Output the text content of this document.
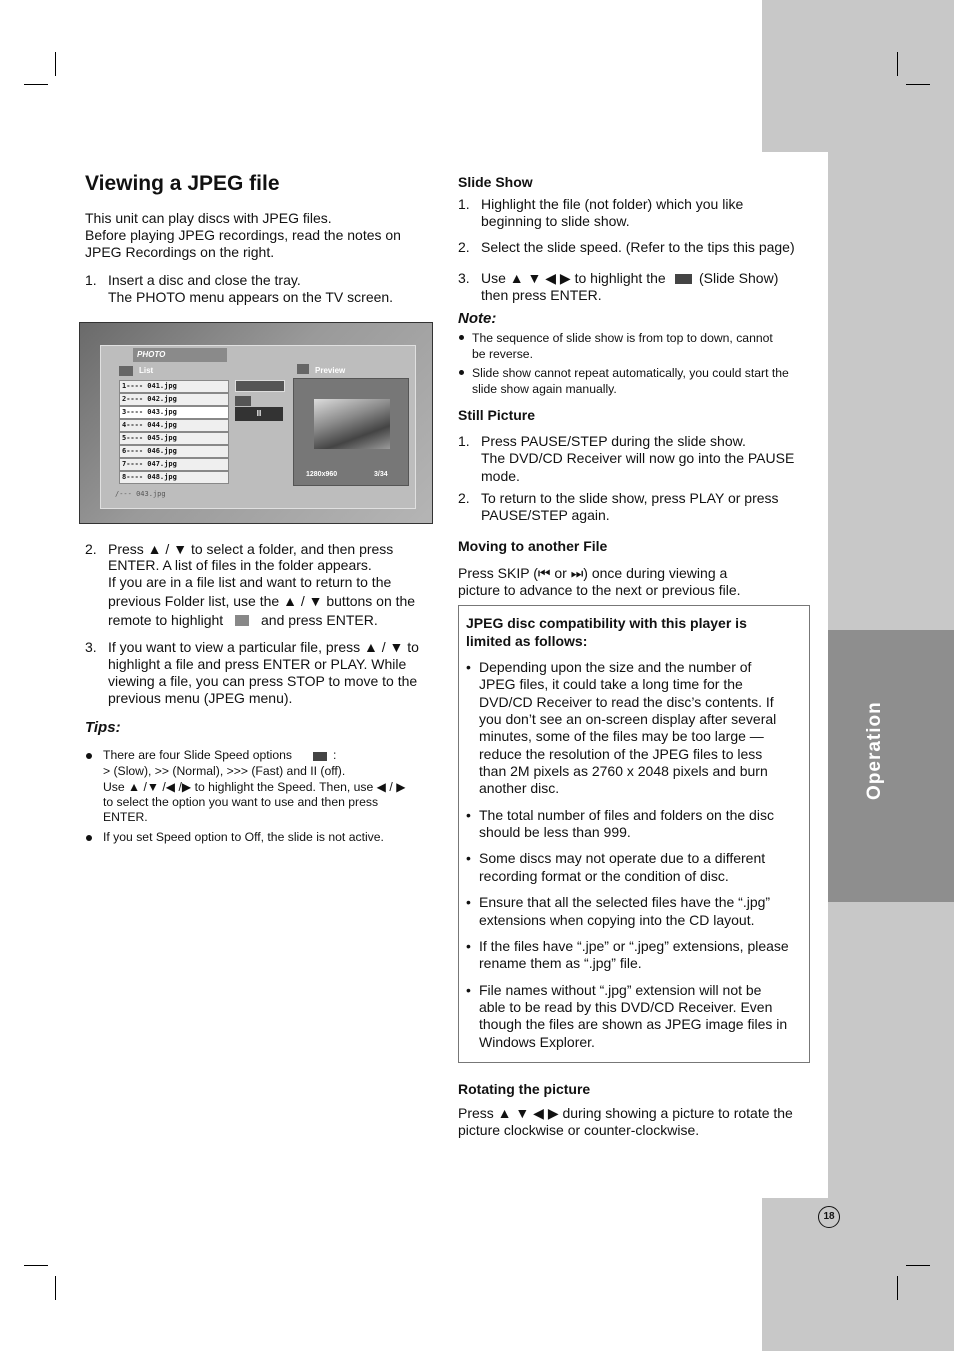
Operation
Viewing a JPEG file

This unit can play discs with JPEG files.

Before playing JPEG recordings, read the notes on

JPEG Recordings on the right.

1. Insert a disc and close the tray.

The PHOTO menu appears on the TV screen.

PHOTO
List	Preview
1---- 041.jpg
2---- 042.jpg
3---- 043.jpg
4---- 044.jpg
5---- 045.jpg
6---- 046.jpg
7---- 047.jpg
8---- 048.jpg
/--- 043.jpg
II
1280x960	3/34
2. Press ▲ / ▼ to select a folder, and then press

ENTER. A list of files in the folder appears.

If you are in a file list and want to return to the

previous Folder list, use the ▲ / ▼ buttons on the

remote to highlight	and press ENTER.

3. If you want to view a particular file, press ▲ / ▼ to

highlight a file and press ENTER or PLAY. While

viewing a file, you can press STOP to move to the

previous menu (JPEG menu).

Tips:

There are four Slide Speed options	:

> (Slow), >> (Normal), >>> (Fast) and II (off).

Use ▲ /▼ /◀ /▶ to highlight the Speed. Then, use ◀ / ▶

to select the option you want to use and then press

ENTER.

If you set Speed option to Off, the slide is not active.

Slide Show

1. Highlight the file (not folder) which you like

beginning to slide show.

2. Select the slide speed. (Refer to the tips this page)

3. Use ▲ ▼ ◀ ▶ to highlight the (Slide Show)

then press ENTER.

Note:

The sequence of slide show is from top to down, cannot

be reverse.

Slide show cannot repeat automatically, you could start the

slide show again manually.

Still Picture

1. Press PAUSE/STEP during the slide show.

The DVD/CD Receiver will now go into the PAUSE

mode.

2. To return to the slide show, press PLAY or press

PAUSE/STEP again.

Moving to another File

Press SKIP (⏮ or ⏭) once during viewing a

picture to advance to the next or previous file.

JPEG disc compatibility with this player is

limited as follows:

• Depending upon the size and the number of

JPEG files, it could take a long time for the

DVD/CD Receiver to read the disc’s contents. If

you don’t see an on-screen display after several

minutes, some of the files may be too large —

reduce the resolution of the JPEG files to less

than 2M pixels as 2760 x 2048 pixels and burn

another disc.

• The total number of files and folders on the disc

should be less than 999.

• Some discs may not operate due to a different

recording format or the condition of disc.

• Ensure that all the selected files have the “.jpg”

extensions when copying into the CD layout.

• If the files have “.jpe” or “.jpeg” extensions, please

rename them as “.jpg” file.

• File names without “.jpg” extension will not be

able to be read by this DVD/CD Receiver. Even

though the files are shown as JPEG image files in

Windows Explorer.

Rotating the picture

Press ▲ ▼ ◀ ▶ during showing a picture to rotate the

picture clockwise or counter-clockwise.

18
